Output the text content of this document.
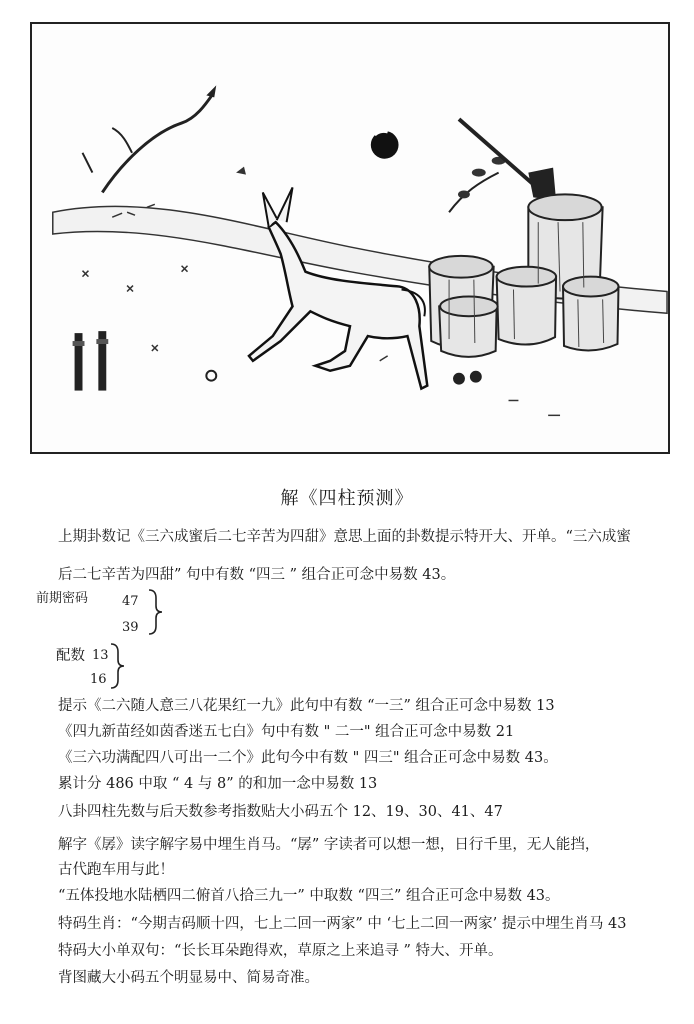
解《四柱预测》
上期卦数记《三六成蜜后二七辛苦为四甜》意思上面的卦数提示特开大、开单。“三六成蜜
后二七辛苦为四甜” 句中有数 “四三 ” 组合正可念中易数 43。
前期密码	47
39
配数 13
16
提示《二六随人意三八花果红一九》此句中有数 “一三” 组合正可念中易数 13
《四九新苗经如茵香迷五七白》句中有数 " 二一" 组合正可念中易数 21
《三六功满配四八可出一二个》此句今中有数 " 四三" 组合正可念中易数 43。
累计分 486 中取 “ 4 与 8” 的和加一念中易数 13
八卦四柱先数与后天数参考指数贴大小码五个 12、19、30、41、47
解字《孱》读字解字易中埋生肖马。“孱” 字读者可以想一想，日行千里，无人能挡，
古代跑车用与此！
“五体投地水陆栖四二俯首八拾三九一” 中取数 “四三” 组合正可念中易数 43。
特码生肖：“今期吉码顺十四，七上二回一两家” 中 ‘七上二回一两家’ 提示中埋生肖马 43
特码大小单双句：“长长耳朵跑得欢，草原之上来追寻 ” 特大、开单。
背图藏大小码五个明显易中、简易奇准。
